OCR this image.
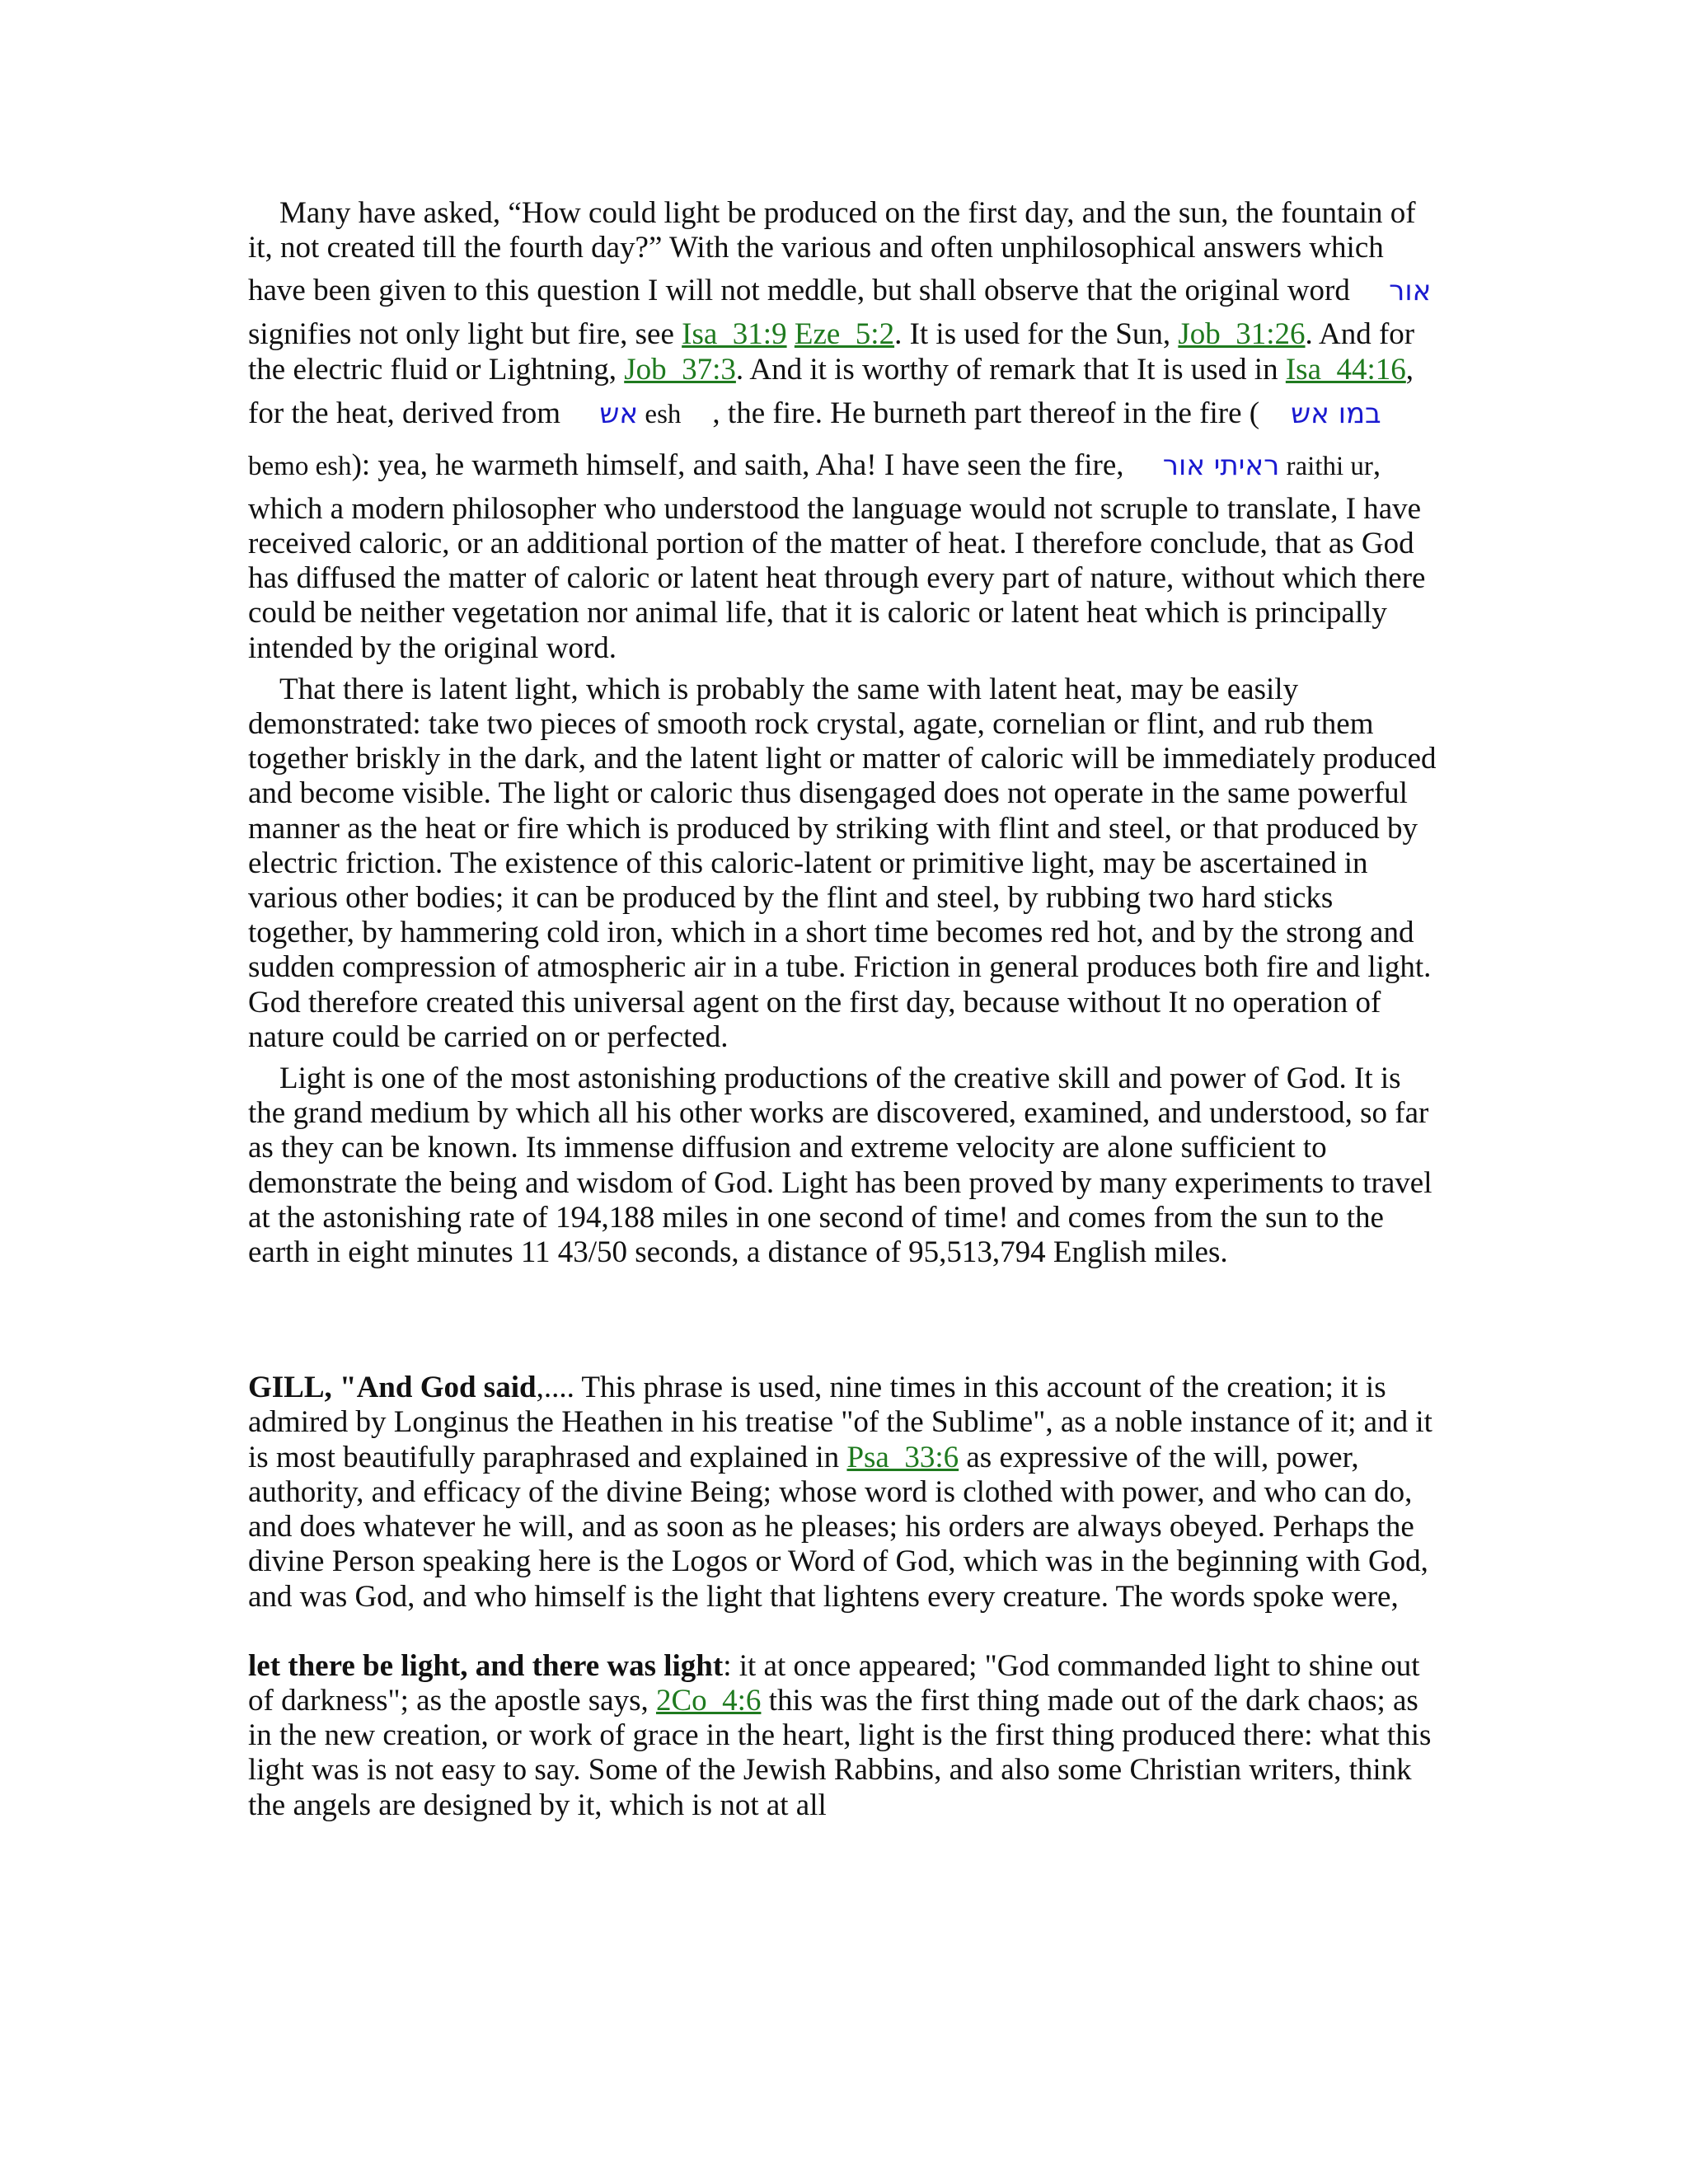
Many have asked, “How could light be produced on the first day, and the sun, the fountain of it, not created till the fourth day?” With the various and often unphilosophical answers which have been given to this question I will not meddle, but shall observe that the original word אור signifies not only light but fire, see Isa_31:9 Eze_5:2. It is used for the Sun, Job_31:26. And for the electric fluid or Lightning, Job_37:3. And it is worthy of remark that It is used in Isa_44:16, for the heat, derived from אש esh , the fire. He burneth part thereof in the fire ( במו אש bemo esh): yea, he warmeth himself, and saith, Aha! I have seen the fire, ראיתי אור raithi ur, which a modern philosopher who understood the language would not scruple to translate, I have received caloric, or an additional portion of the matter of heat. I therefore conclude, that as God has diffused the matter of caloric or latent heat through every part of nature, without which there could be neither vegetation nor animal life, that it is caloric or latent heat which is principally intended by the original word.

That there is latent light, which is probably the same with latent heat, may be easily demonstrated: take two pieces of smooth rock crystal, agate, cornelian or flint, and rub them together briskly in the dark, and the latent light or matter of caloric will be immediately produced and become visible. The light or caloric thus disengaged does not operate in the same powerful manner as the heat or fire which is produced by striking with flint and steel, or that produced by electric friction. The existence of this caloric-latent or primitive light, may be ascertained in various other bodies; it can be produced by the flint and steel, by rubbing two hard sticks together, by hammering cold iron, which in a short time becomes red hot, and by the strong and sudden compression of atmospheric air in a tube. Friction in general produces both fire and light. God therefore created this universal agent on the first day, because without It no operation of nature could be carried on or perfected.

Light is one of the most astonishing productions of the creative skill and power of God. It is the grand medium by which all his other works are discovered, examined, and understood, so far as they can be known. Its immense diffusion and extreme velocity are alone sufficient to demonstrate the being and wisdom of God. Light has been proved by many experiments to travel at the astonishing rate of 194,188 miles in one second of time! and comes from the sun to the earth in eight minutes 11 43/50 seconds, a distance of 95,513,794 English miles.

GILL, "And God said,.... This phrase is used, nine times in this account of the creation; it is admired by Longinus the Heathen in his treatise "of the Sublime", as a noble instance of it; and it is most beautifully paraphrased and explained in Psa_33:6 as expressive of the will, power, authority, and efficacy of the divine Being; whose word is clothed with power, and who can do, and does whatever he will, and as soon as he pleases; his orders are always obeyed. Perhaps the divine Person speaking here is the Logos or Word of God, which was in the beginning with God, and was God, and who himself is the light that lightens every creature. The words spoke were,

let there be light, and there was light: it at once appeared; "God commanded light to shine out of darkness"; as the apostle says, 2Co_4:6 this was the first thing made out of the dark chaos; as in the new creation, or work of grace in the heart, light is the first thing produced there: what this light was is not easy to say. Some of the Jewish Rabbins, and also some Christian writers, think the angels are designed by it, which is not at all
